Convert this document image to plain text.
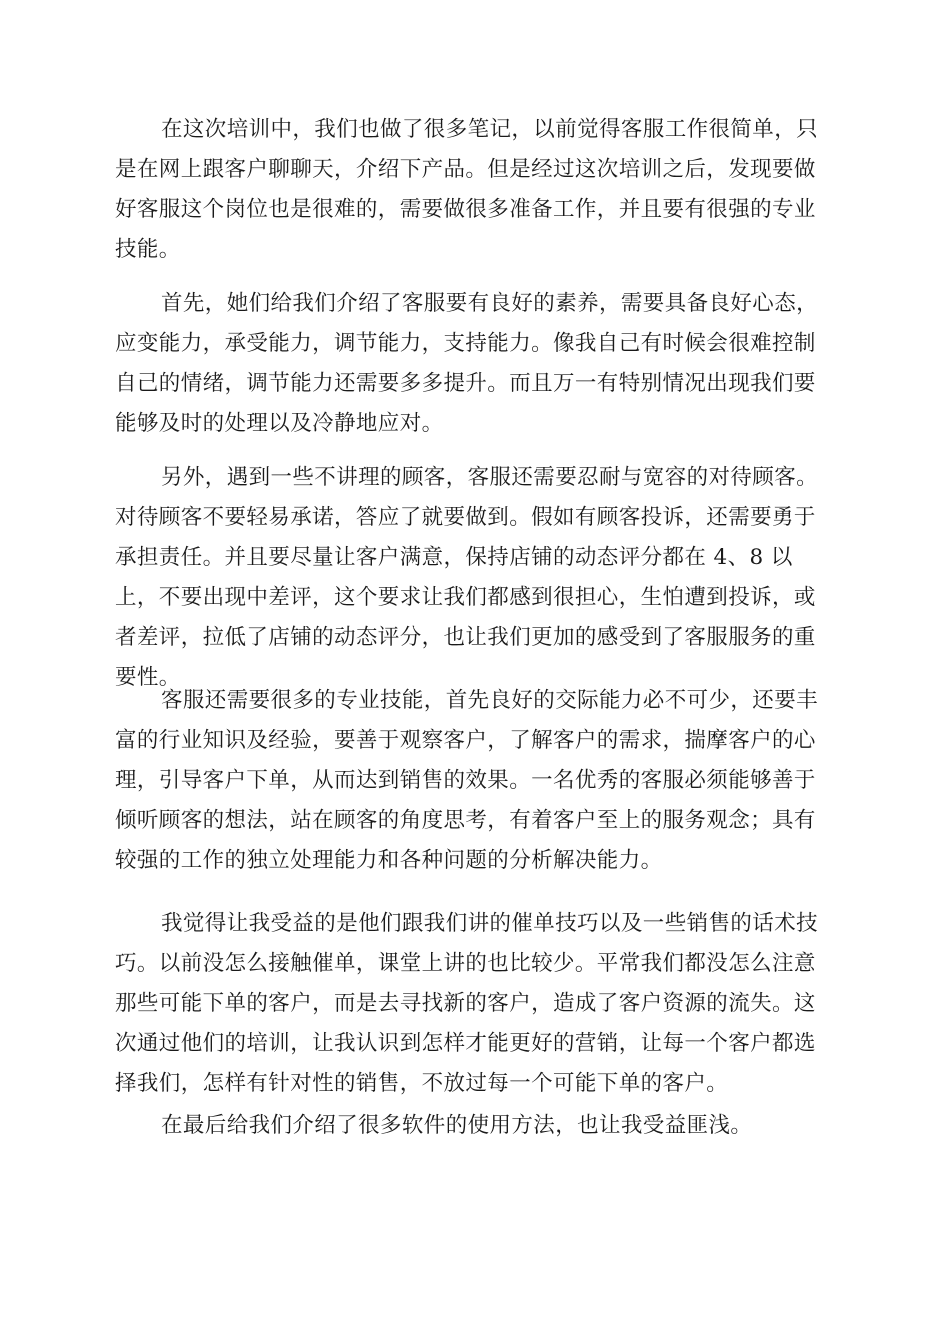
在这次培训中，我们也做了很多笔记，以前觉得客服工作很简单，只
是在网上跟客户聊聊天，介绍下产品。但是经过这次培训之后，发现要做
好客服这个岗位也是很难的，需要做很多准备工作，并且要有很强的专业
技能。

首先，她们给我们介绍了客服要有良好的素养，需要具备良好心态，
应变能力，承受能力，调节能力，支持能力。像我自己有时候会很难控制
自己的情绪，调节能力还需要多多提升。而且万一有特别情况出现我们要
能够及时的处理以及冷静地应对。

另外，遇到一些不讲理的顾客，客服还需要忍耐与宽容的对待顾客。
对待顾客不要轻易承诺，答应了就要做到。假如有顾客投诉，还需要勇于
承担责任。并且要尽量让客户满意，保持店铺的动态评分都在 4、8 以
上，不要出现中差评，这个要求让我们都感到很担心，生怕遭到投诉，或
者差评，拉低了店铺的动态评分，也让我们更加的感受到了客服服务的重
要性。

客服还需要很多的专业技能，首先良好的交际能力必不可少，还要丰
富的行业知识及经验，要善于观察客户，了解客户的需求，揣摩客户的心
理，引导客户下单，从而达到销售的效果。一名优秀的客服必须能够善于
倾听顾客的想法，站在顾客的角度思考，有着客户至上的服务观念；具有
较强的工作的独立处理能力和各种问题的分析解决能力。

我觉得让我受益的是他们跟我们讲的催单技巧以及一些销售的话术技
巧。以前没怎么接触催单，课堂上讲的也比较少。平常我们都没怎么注意
那些可能下单的客户，而是去寻找新的客户，造成了客户资源的流失。这
次通过他们的培训，让我认识到怎样才能更好的营销，让每一个客户都选
择我们，怎样有针对性的销售，不放过每一个可能下单的客户。

在最后给我们介绍了很多软件的使用方法，也让我受益匪浅。
